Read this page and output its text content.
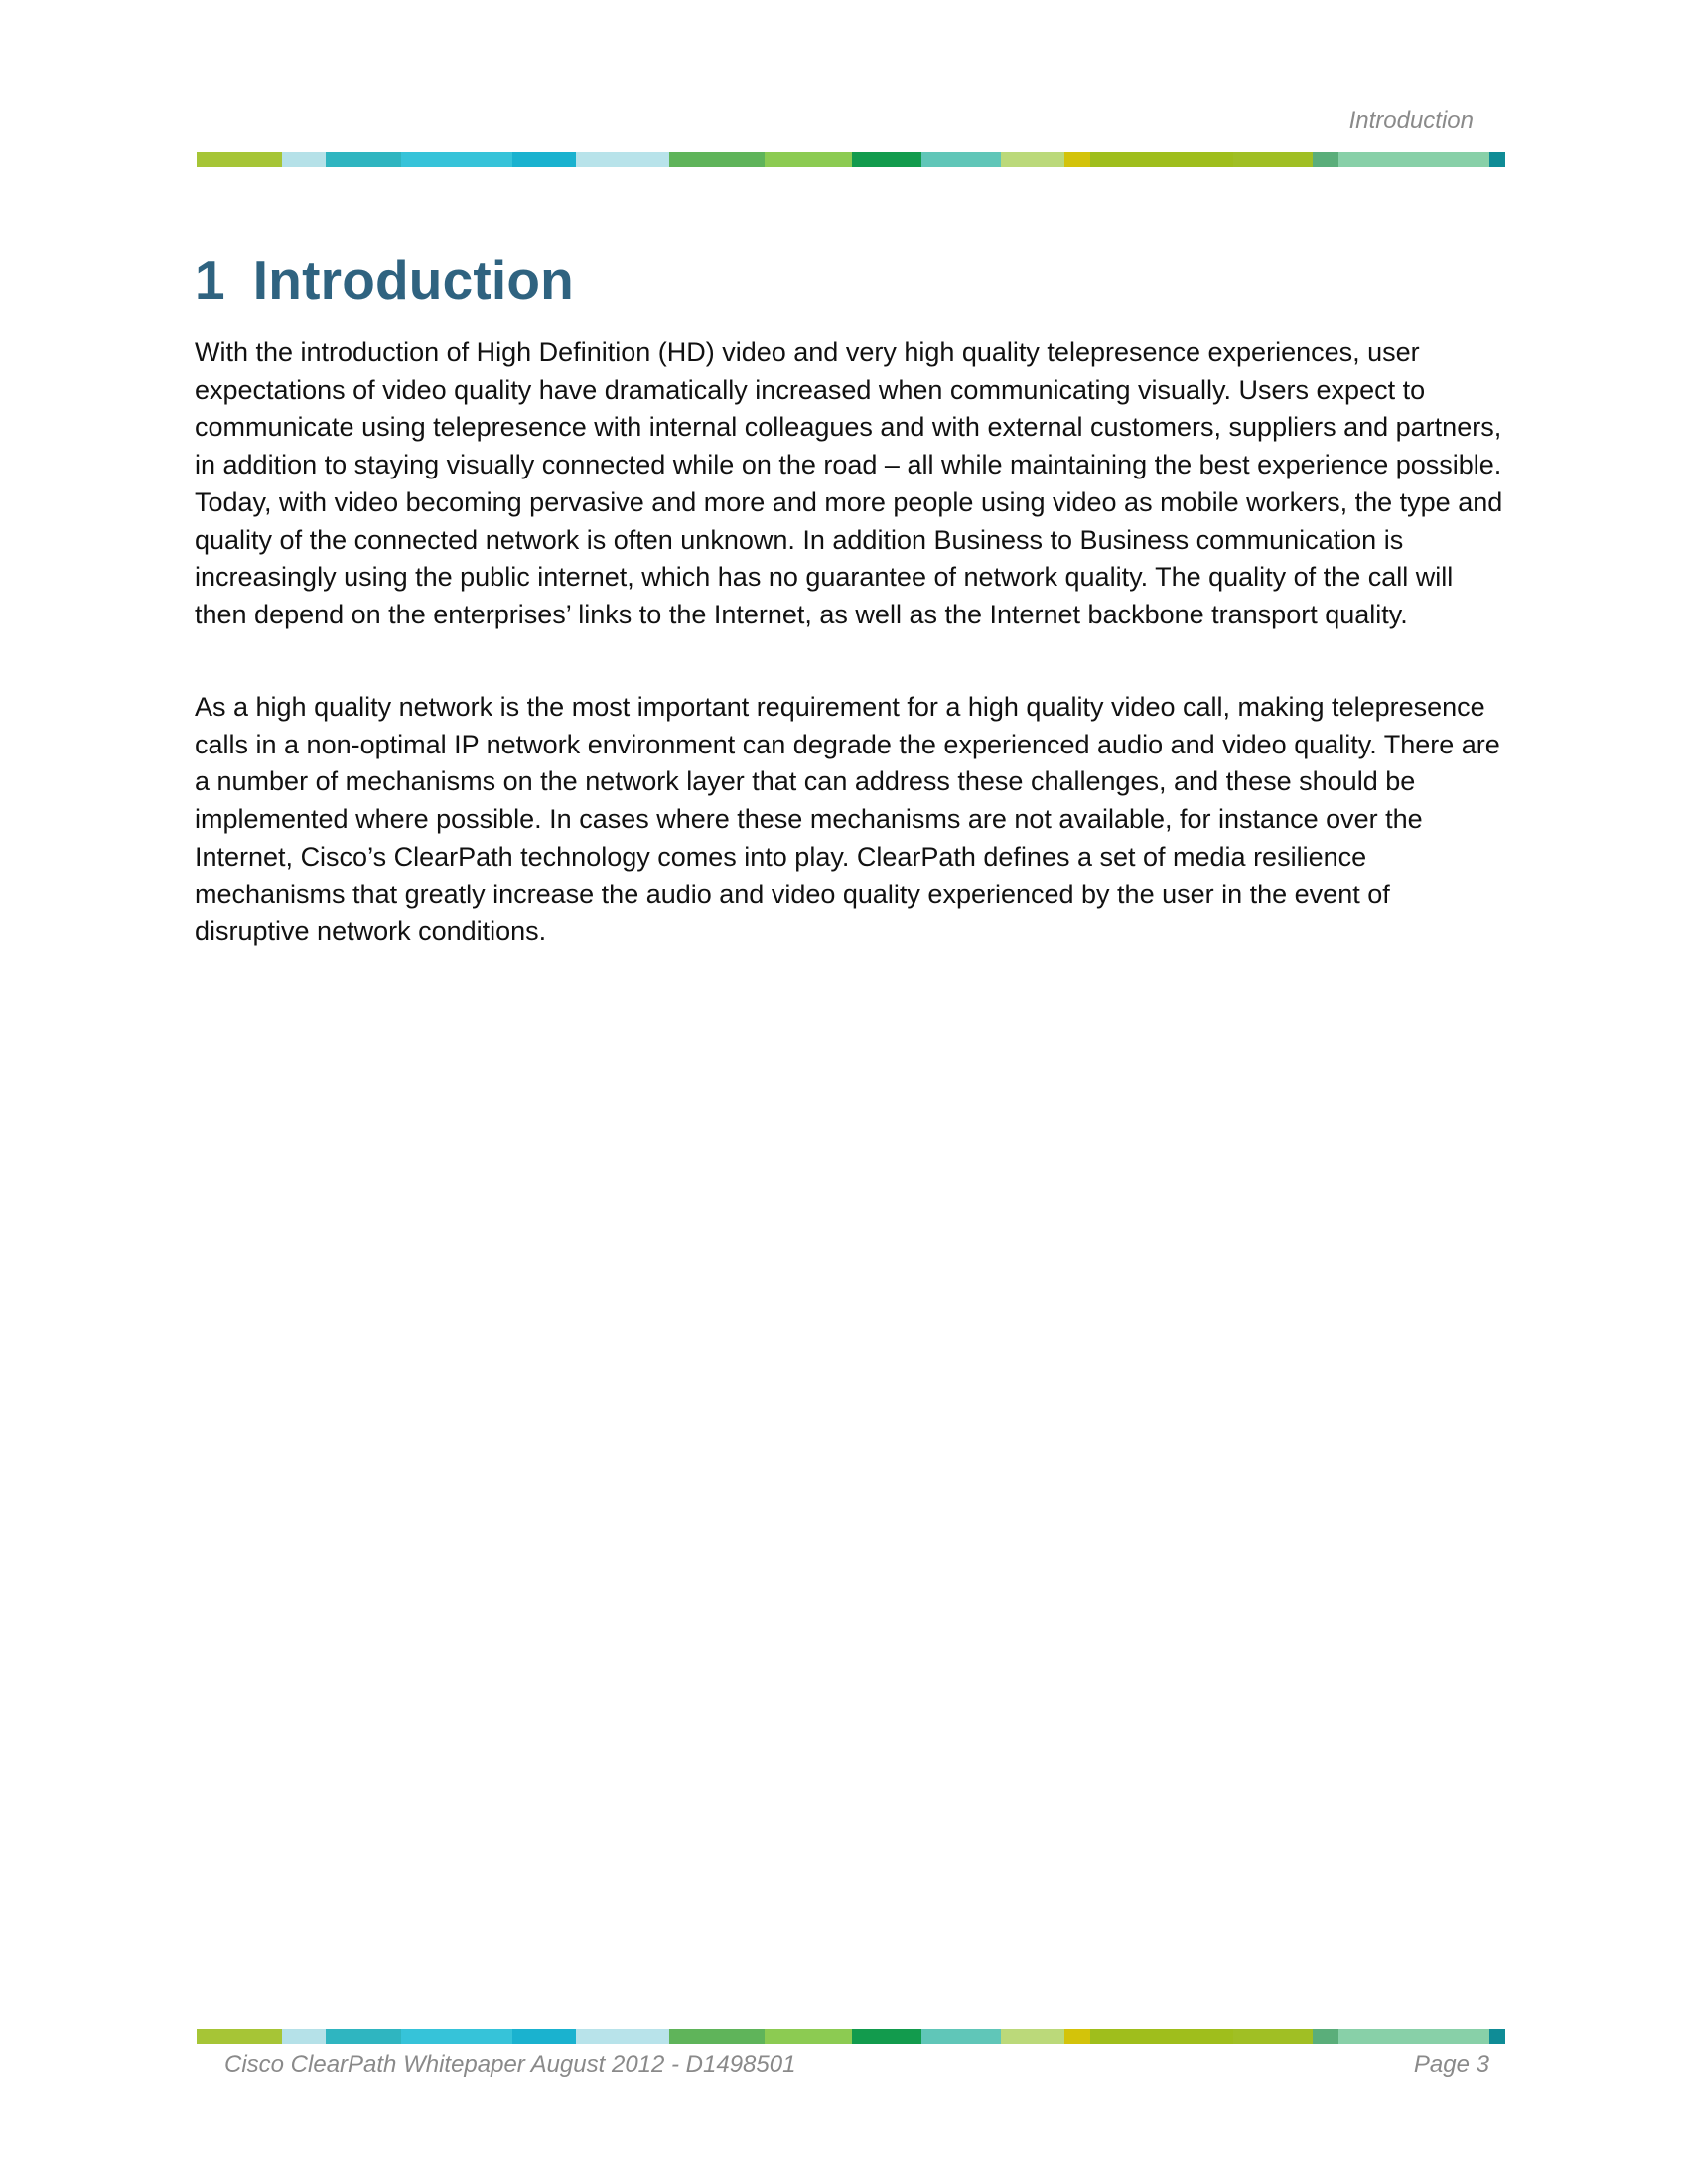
Introduction
1 Introduction

With the introduction of High Definition (HD) video and very high quality telepresence experiences, user expectations of video quality have dramatically increased when communicating visually. Users expect to communicate using telepresence with internal colleagues and with external customers, suppliers and partners, in addition to staying visually connected while on the road – all while maintaining the best experience possible. Today, with video becoming pervasive and more and more people using video as mobile workers, the type and quality of the connected network is often unknown. In addition Business to Business communication is increasingly using the public internet, which has no guarantee of network quality. The quality of the call will then depend on the enterprises’ links to the Internet, as well as the Internet backbone transport quality.

As a high quality network is the most important requirement for a high quality video call, making telepresence calls in a non-optimal IP network environment can degrade the experienced audio and video quality. There are a number of mechanisms on the network layer that can address these challenges, and these should be implemented where possible. In cases where these mechanisms are not available, for instance over the Internet, Cisco’s ClearPath technology comes into play. ClearPath defines a set of media resilience mechanisms that greatly increase the audio and video quality experienced by the user in the event of disruptive network conditions.

Cisco ClearPath Whitepaper August 2012 - D1498501	Page 3
